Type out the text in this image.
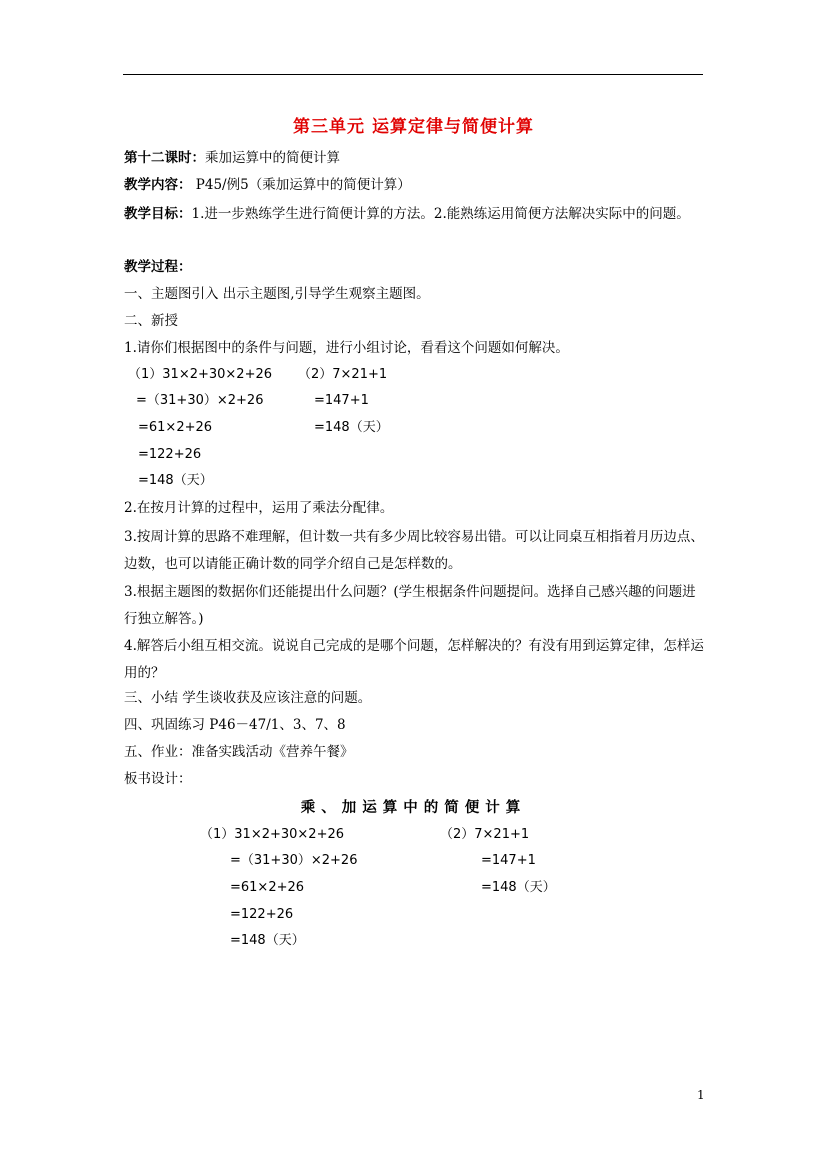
第三单元 运算定律与简便计算
第十二课时：乘加运算中的简便计算
教学内容： P45/例5（乘加运算中的简便计算）
教学目标：1.进一步熟练学生进行简便计算的方法。2.能熟练运用简便方法解决实际中的问题。
教学过程：
一、主题图引入 出示主题图,引导学生观察主题图。
二、新授
1.请你们根据图中的条件与问题，进行小组讨论，看看这个问题如何解决。
（1）31×2+30×2+26
=（31+30）×2+26
=61×2+26
=122+26
=148（天）
（2）7×21+1
=147+1
=148（天）
2.在按月计算的过程中，运用了乘法分配律。
3.按周计算的思路不难理解，但计数一共有多少周比较容易出错。可以让同桌互相指着月历边点、边数，也可以请能正确计数的同学介绍自己是怎样数的。
3.根据主题图的数据你们还能提出什么问题？(学生根据条件问题提问。选择自己感兴趣的问题进行独立解答。)
4.解答后小组互相交流。说说自己完成的是哪个问题，怎样解决的？有没有用到运算定律，怎样运用的？
三、小结 学生谈收获及应该注意的问题。
四、巩固练习 P46－47/1、3、7、8
五、作业：准备实践活动《营养午餐》
板书设计：
乘、加运算中的简便计算
（1）31×2+30×2+26
=（31+30）×2+26
=61×2+26
=122+26
=148（天）
（2）7×21+1
=147+1
=148（天）
1
